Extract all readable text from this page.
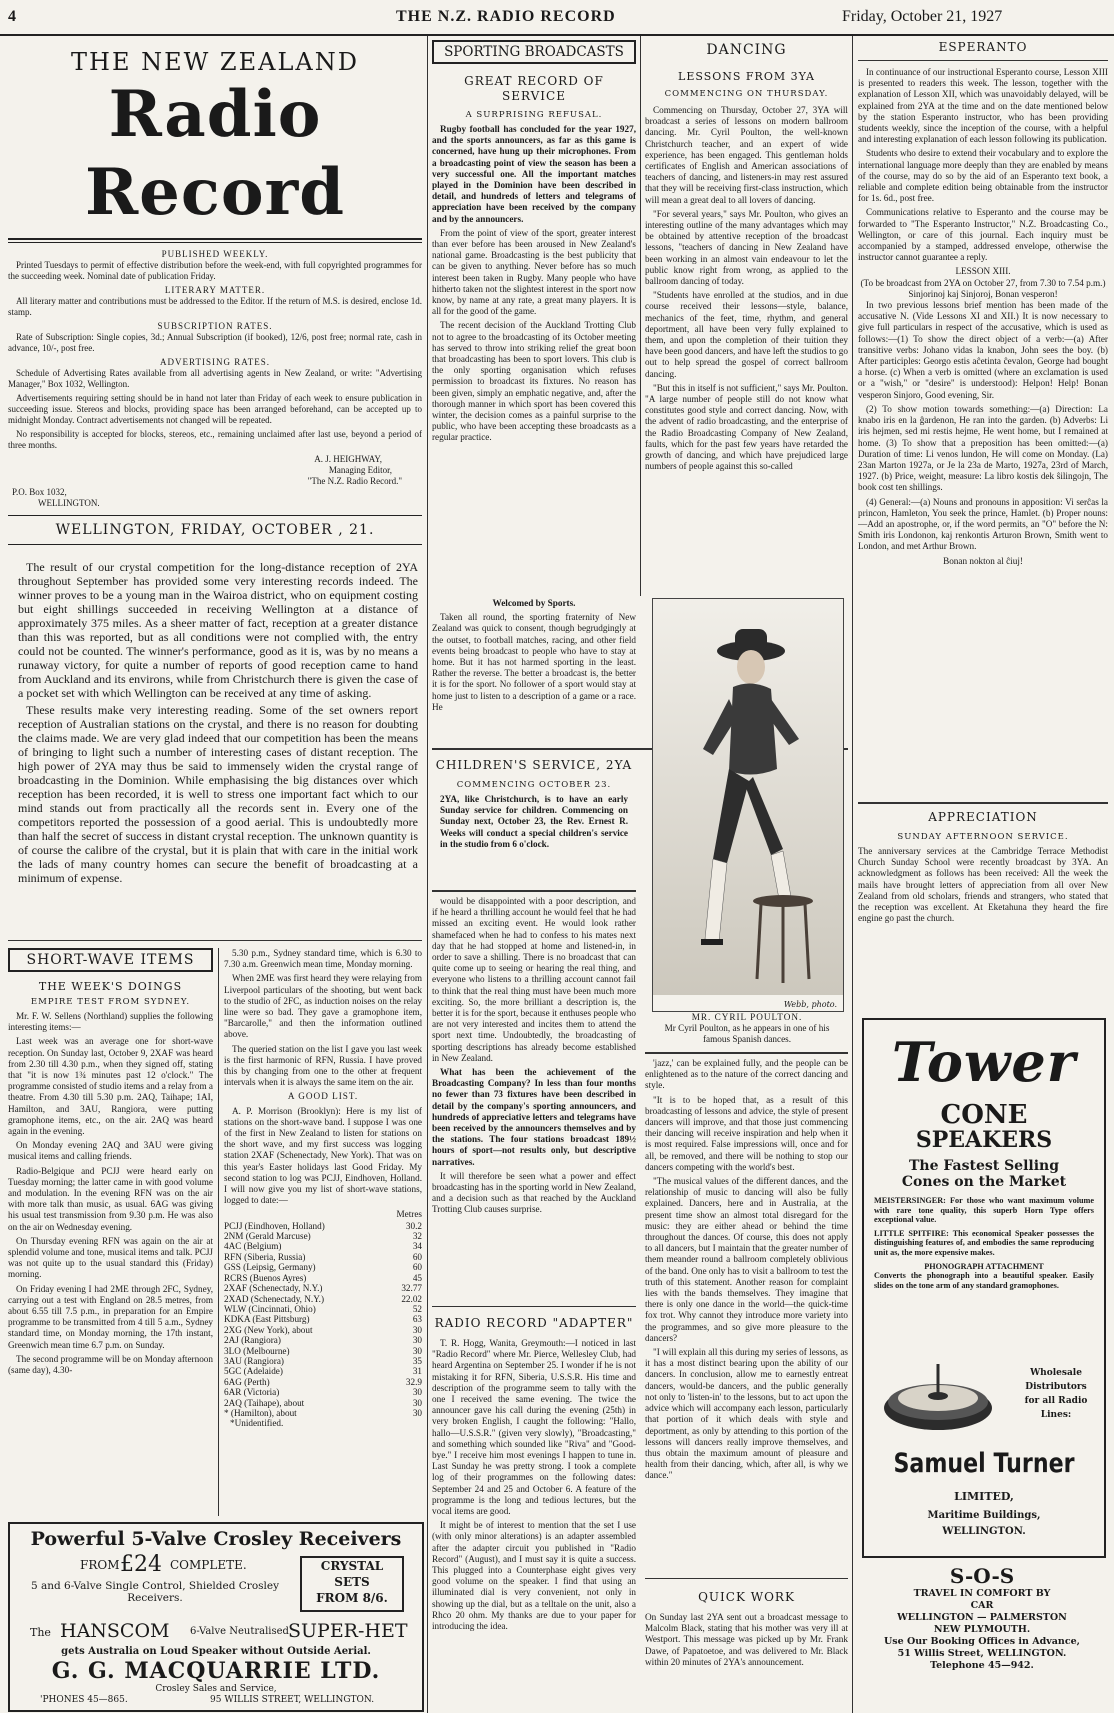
4	THE N.Z. RADIO RECORD	Friday, October 21, 1927
THE NEW ZEALAND
Radio Record
PUBLISHED WEEKLY.

Printed Tuesdays to permit of effective distribution before the week-end, with full copyrighted programmes for the succeeding week. Nominal date of publication Friday.

LITERARY MATTER.

All literary matter and contributions must be addressed to the Editor. If the return of M.S. is desired, enclose 1d. stamp.

SUBSCRIPTION RATES.

Rate of Subscription: Single copies, 3d.; Annual Subscription (if booked), 12/6, post free; normal rate, cash in advance, 10/-, post free.

ADVERTISING RATES.

Schedule of Advertising Rates available from all advertising agents in New Zealand, or write: "Advertising Manager," Box 1032, Wellington.

Advertisements requiring setting should be in hand not later than Friday of each week to ensure publication in succeeding issue. Stereos and blocks, providing space has been arranged beforehand, can be accepted up to midnight Monday. Contract advertisements not changed will be repeated.

No responsibility is accepted for blocks, stereos, etc., remaining unclaimed after last use, beyond a period of three months.

A. J. HEIGHWAY,
Managing Editor,
"The N.Z. Radio Record."
P.O. Box 1032,
WELLINGTON.
WELLINGTON, FRIDAY, OCTOBER , 21.

The result of our crystal competition for the long-distance reception of 2YA throughout September has provided some very interesting records indeed. The winner proves to be a young man in the Wairoa district, who on equipment costing but eight shillings succeeded in receiving Wellington at a distance of approximately 375 miles. As a sheer matter of fact, reception at a greater distance than this was reported, but as all conditions were not complied with, the entry could not be counted. The winner's performance, good as it is, was by no means a runaway victory, for quite a number of reports of good reception came to hand from Auckland and its environs, while from Christchurch there is given the case of a pocket set with which Wellington can be received at any time of asking.

These results make very interesting reading. Some of the set owners report reception of Australian stations on the crystal, and there is no reason for doubting the claims made. We are very glad indeed that our competition has been the means of bringing to light such a number of interesting cases of distant reception. The high power of 2YA may thus be said to immensely widen the crystal range of broadcasting in the Dominion. While emphasising the big distances over which reception has been recorded, it is well to stress one important fact which to our mind stands out from practically all the records sent in. Every one of the competitors reported the possession of a good aerial. This is undoubtedly more than half the secret of success in distant crystal reception. The unknown quantity is of course the calibre of the crystal, but it is plain that with care in the initial work the lads of many country homes can secure the benefit of broadcasting at a minimum of expense.

SHORT-WAVE ITEMS
THE WEEK'S DOINGS
EMPIRE TEST FROM SYDNEY.

Mr. F. W. Sellens (Northland) supplies the following interesting items:—

Last week was an average one for short-wave reception. On Sunday last, October 9, 2XAF was heard from 2.30 till 4.30 p.m., when they signed off, stating that "it is now 1¾ minutes past 12 o'clock." The programme consisted of studio items and a relay from a theatre. From 4.30 till 5.30 p.m. 2AQ, Taihape; 1AI, Hamilton, and 3AU, Rangiora, were putting gramophone items, etc., on the air. 2AQ was heard again in the evening.

On Monday evening 2AQ and 3AU were giving musical items and calling friends.

Radio-Belgique and PCJJ were heard early on Tuesday morning; the latter came in with good volume and modulation. In the evening RFN was on the air with more talk than music, as usual. 6AG was giving his usual test transmission from 9.30 p.m. He was also on the air on Wednesday evening.

On Thursday evening RFN was again on the air at splendid volume and tone, musical items and talk. PCJJ was not quite up to the usual standard this (Friday) morning.

On Friday evening I had 2ME through 2FC, Sydney, carrying out a test with England on 28.5 metres, from about 6.55 till 7.5 p.m., in preparation for an Empire programme to be transmitted from 4 till 5 a.m., Sydney standard time, on Monday morning, the 17th instant, Greenwich mean time 6.7 p.m. on Sunday.

The second programme will be on Monday afternoon (same day), 4.30-

5.30 p.m., Sydney standard time, which is 6.30 to 7.30 a.m. Greenwich mean time, Monday morning.

When 2ME was first heard they were relaying from Liverpool particulars of the shooting, but went back to the studio of 2FC, as induction noises on the relay line were so bad. They gave a gramophone item, "Barcarolle," and then the information outlined above.

The queried station on the list I gave you last week is the first harmonic of RFN, Russia. I have proved this by changing from one to the other at frequent intervals when it is always the same item on the air.

A GOOD LIST.

A. P. Morrison (Brooklyn): Here is my list of stations on the short-wave band. I suppose I was one of the first in New Zealand to listen for stations on the short wave, and my first success was logging station 2XAF (Schenectady, New York). That was on this year's Easter holidays last Good Friday. My second station to log was PCJJ, Eindhoven, Holland. I will now give you my list of short-wave stations, logged to date:—

Metres
PCJJ (Eindhoven, Holland)	30.2
2NM (Gerald Marcuse)	32
4AC (Belgium)	34
RFN (Siberia, Russia)	60
GSS (Leipsig, Germany)	60
RCRS (Buenos Ayres)	45
2XAF (Schenectady, N.Y.)	32.77
2XAD (Schenectady, N.Y.)	22.02
WLW (Cincinnati, Ohio)	52
KDKA (East Pittsburg)	63
2XG (New York), about	30
2AJ (Rangiora)	30
3LO (Melbourne)	30
3AU (Rangiora)	35
5GC (Adelaide)	31
6AG (Perth)	32.9
6AR (Victoria)	30
2AQ (Taihape), about	30
* (Hamilton), about	30
*Unidentified.
Powerful 5-Valve Crosley Receivers
FROM £24 COMPLETE.
5 and 6-Valve Single Control, Shielded Crosley Receivers.
CRYSTAL
SETS
FROM 8/6.
The HANSCOM 6-Valve Neutralised SUPER-HET
gets Australia on Loud Speaker without Outside Aerial.
G. G. MACQUARRIE LTD.
Crosley Sales and Service,
'PHONES 45—865.	95 WILLIS STREET, WELLINGTON.
SPORTING BROADCASTS
GREAT RECORD OF SERVICE
A SURPRISING REFUSAL.

Rugby football has concluded for the year 1927, and the sports announcers, as far as this game is concerned, have hung up their microphones. From a broadcasting point of view the season has been a very successful one. All the important matches played in the Dominion have been described in detail, and hundreds of letters and telegrams of appreciation have been received by the company and by the announcers.

From the point of view of the sport, greater interest than ever before has been aroused in New Zealand's national game. Broadcasting is the best publicity that can be given to anything. Never before has so much interest been taken in Rugby. Many people who have hitherto taken not the slightest interest in the sport now know, by name at any rate, a great many players. It is all for the good of the game.

The recent decision of the Auckland Trotting Club not to agree to the broadcasting of its October meeting has served to throw into striking relief the great boon that broadcasting has been to sport lovers. This club is the only sporting organisation which refuses permission to broadcast its fixtures. No reason has been given, simply an emphatic negative, and, after the thorough manner in which sport has been covered this winter, the decision comes as a painful surprise to the public, who have been accepting these broadcasts as a regular practice.

Welcomed by Sports.

Taken all round, the sporting fraternity of New Zealand was quick to consent, though begrudgingly at the outset, to football matches, racing, and other field events being broadcast to people who have to stay at home. But it has not harmed sporting in the least. Rather the reverse. The better a broadcast is, the better it is for the sport. No follower of a sport would stay at home just to listen to a description of a game or a race. He

CHILDREN'S SERVICE, 2YA
COMMENCING OCTOBER 23.
2YA, like Christchurch, is to have an early Sunday service for children. Commencing on Sunday next, October 23, the Rev. Ernest R. Weeks will conduct a special children's service in the studio from 6 o'clock.

would be disappointed with a poor description, and if he heard a thrilling account he would feel that he had missed an exciting event. He would look rather shamefaced when he had to confess to his mates next day that he had stopped at home and listened-in, in order to save a shilling. There is no broadcast that can quite come up to seeing or hearing the real thing, and everyone who listens to a thrilling account cannot fail to think that the real thing must have been much more exciting. So, the more brilliant a description is, the better it is for the sport, because it enthuses people who are not very interested and incites them to attend the sport next time. Undoubtedly, the broadcasting of sporting descriptions has already become established in New Zealand.

What has been the achievement of the Broadcasting Company? In less than four months no fewer than 73 fixtures have been described in detail by the company's sporting announcers, and hundreds of appreciative letters and telegrams have been received by the announcers themselves and by the stations. The four stations broadcast 189½ hours of sport—not results only, but descriptive narratives.

It will therefore be seen what a power and effect broadcasting has in the sporting world in New Zealand, and a decision such as that reached by the Auckland Trotting Club causes surprise.

RADIO RECORD "ADAPTER"

T. R. Hogg, Wanita, Greymouth:—I noticed in last "Radio Record" where Mr. Pierce, Wellesley Club, had heard Argentina on September 25. I wonder if he is not mistaking it for RFN, Siberia, U.S.S.R. His time and description of the programme seem to tally with the one I received the same evening. The twice the announcer gave his call during the evening (25th) in very broken English, I caught the following: "Hallo, hallo—U.S.S.R." (given very slowly), "Broadcasting," and something which sounded like "Riva" and "Good-bye." I receive him most evenings I happen to tune in. Last Sunday he was pretty strong. I took a complete log of their programmes on the following dates: September 24 and 25 and October 6. A feature of the programme is the long and tedious lectures, but the vocal items are good.

It might be of interest to mention that the set I use (with only minor alterations) is an adapter assembled after the adapter circuit you published in "Radio Record" (August), and I must say it is quite a success. This plugged into a Counterphase eight gives very good volume on the speaker. I find that using an illuminated dial is very convenient, not only in showing up the dial, but as a telltale on the unit, also a Rhco 20 ohm. My thanks are due to your paper for introducing the idea.

DANCING
LESSONS FROM 3YA
COMMENCING ON THURSDAY.

Commencing on Thursday, October 27, 3YA will broadcast a series of lessons on modern ballroom dancing. Mr. Cyril Poulton, the well-known Christchurch teacher, and an expert of wide experience, has been engaged. This gentleman holds certificates of English and American associations of teachers of dancing, and listeners-in may rest assured that they will be receiving first-class instruction, which will mean a great deal to all lovers of dancing.

"For several years," says Mr. Poulton, who gives an interesting outline of the many advantages which may be obtained by attentive reception of the broadcast lessons, "teachers of dancing in New Zealand have been working in an almost vain endeavour to let the public know right from wrong, as applied to the ballroom dancing of today.

"Students have enrolled at the studios, and in due course received their lessons—style, balance, mechanics of the feet, time, rhythm, and general deportment, all have been very fully explained to them, and upon the completion of their tuition they have been good dancers, and have left the studios to go out to help spread the gospel of correct ballroom dancing.

"But this in itself is not sufficient," says Mr. Poulton. "A large number of people still do not know what constitutes good style and correct dancing. Now, with the advent of radio broadcasting, and the enterprise of the Radio Broadcasting Company of New Zealand, faults, which for the past few years have retarded the growth of dancing, and which have prejudiced large numbers of people against this so-called

Webb, photo.
MR. CYRIL POULTON.
Mr Cyril Poulton, as he appears in one of his famous Spanish dances.

'jazz,' can be explained fully, and the people can be enlightened as to the nature of the correct dancing and style.

"It is to be hoped that, as a result of this broadcasting of lessons and advice, the style of present dancers will improve, and that those just commencing their dancing will receive inspiration and help when it is most required. False impressions will, once and for all, be removed, and there will be nothing to stop our dancers competing with the world's best.

"The musical values of the different dances, and the relationship of music to dancing will also be fully explained. Dancers, here and in Australia, at the present time show an almost total disregard for the music: they are either ahead or behind the time throughout the dances. Of course, this does not apply to all dancers, but I maintain that the greater number of them meander round a ballroom completely oblivious of the band. One only has to visit a ballroom to test the truth of this statement. Another reason for complaint lies with the bands themselves. They imagine that there is only one dance in the world—the quick-time fox trot. Why cannot they introduce more variety into the programmes, and so give more pleasure to the dancers?

"I will explain all this during my series of lessons, as it has a most distinct bearing upon the ability of our dancers. In conclusion, allow me to earnestly entreat dancers, would-be dancers, and the public generally not only to 'listen-in' to the lessons, but to act upon the advice which will accompany each lesson, particularly that portion of it which deals with style and deportment, as only by attending to this portion of the lessons will dancers really improve themselves, and thus obtain the maximum amount of pleasure and health from their dancing, which, after all, is why we dance."

QUICK WORK
On Sunday last 2YA sent out a broadcast message to Malcolm Black, stating that his mother was very ill at Westport. This message was picked up by Mr. Frank Dawe, of Papatoetoe, and was delivered to Mr. Black within 20 minutes of 2YA's announcement.
ESPERANTO

In continuance of our instructional Esperanto course, Lesson XIII is presented to readers this week. The lesson, together with the explanation of Lesson XII, which was unavoidably delayed, will be explained from 2YA at the time and on the date mentioned below by the station Esperanto instructor, who has been providing students weekly, since the inception of the course, with a helpful and interesting explanation of each lesson following its publication.

Students who desire to extend their vocabulary and to explore the international language more deeply than they are enabled by means of the course, may do so by the aid of an Esperanto text book, a reliable and complete edition being obtainable from the instructor for 1s. 6d., post free.

Communications relative to Esperanto and the course may be forwarded to "The Esperanto Instructor," N.Z. Broadcasting Co., Wellington, or care of this journal. Each inquiry must be accompanied by a stamped, addressed envelope, otherwise the instructor cannot guarantee a reply.

LESSON XIII.
(To be broadcast from 2YA on October 27, from 7.30 to 7.54 p.m.)
Sinjorinoj kaj Sinjoroj, Bonan vesperon!

In two previous lessons brief mention has been made of the accusative N. (Vide Lessons XI and XII.) It is now necessary to give full particulars in respect of the accusative, which is used as follows:—(1) To show the direct object of a verb:—(a) After transitive verbs: Johano vidas la knabon, John sees the boy. (b) After participles: Georgo estis aĉetinta ĉevalon, George had bought a horse. (c) When a verb is omitted (where an exclamation is used or a "wish," or "desire" is understood): Helpon! Help! Bonan vesperon Sinjoro, Good evening, Sir.

(2) To show motion towards something:—(a) Direction: La knabo iris en la ĝardenon, He ran into the garden. (b) Adverbs: Li iris hejmen, sed mi restis hejme, He went home, but I remained at home. (3) To show that a preposition has been omitted:—(a) Duration of time: Li venos lundon, He will come on Monday. (La) 23an Marton 1927a, or Je la 23a de Marto, 1927a, 23rd of March, 1927. (b) Price, weight, measure: La libro kostis dek ŝilingojn, The book cost ten shillings.

(4) General:—(a) Nouns and pronouns in apposition: Vi serĉas la princon, Hamleton, You seek the prince, Hamlet. (b) Proper nouns:—Add an apostrophe, or, if the word permits, an "O" before the N: Smith iris Londonon, kaj renkontis Arturon Brown, Smith went to London, and met Arthur Brown.

Bonan nokton al ĉiuj!
APPRECIATION
SUNDAY AFTERNOON SERVICE.
The anniversary services at the Cambridge Terrace Methodist Church Sunday School were recently broadcast by 3YA. An acknowledgment as follows has been received: All the week the mails have brought letters of appreciation from all over New Zealand from old scholars, friends and strangers, who stated that the reception was excellent. At Eketahuna they heard the fire engine go past the church.
Tower
CONE
SPEAKERS
The Fastest Selling
Cones on the Market
MEISTERSINGER: For those who want maximum volume with rare tone quality, this superb Horn Type offers exceptional value.
LITTLE SPITFIRE: This economical Speaker possesses the distinguishing features of, and embodies the same reproducing unit as, the more expensive makes.
PHONOGRAPH ATTACHMENT
Converts the phonograph into a beautiful speaker. Easily slides on the tone arm of any standard gramophones.
Wholesale
Distributors
for all Radio
Lines:
Samuel Turner
LIMITED,
Maritime Buildings,
WELLINGTON.
S-O-S
TRAVEL IN COMFORT BY
CAR
WELLINGTON — PALMERSTON
NEW PLYMOUTH.
Use Our Booking Offices in Advance,
51 Willis Street, WELLINGTON.
Telephone 45—942.
